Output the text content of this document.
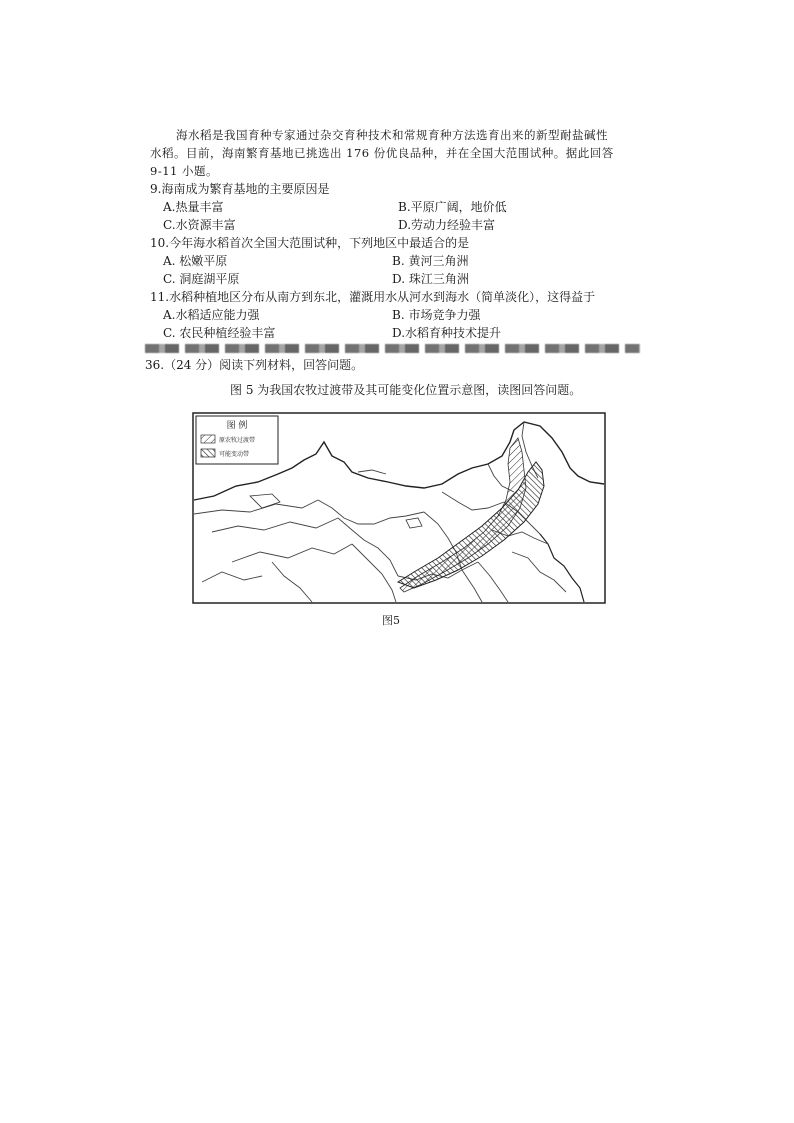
海水稻是我国育种专家通过杂交育种技术和常规育种方法选育出来的新型耐盐碱性
水稻。目前，海南繁育基地已挑选出 176 份优良品种，并在全国大范围试种。据此回答
9-11 小题。
9.海南成为繁育基地的主要原因是
A.热量丰富	B.平原广阔，地价低
C.水资源丰富	D.劳动力经验丰富
10.今年海水稻首次全国大范围试种，下列地区中最适合的是
A. 松嫩平原	B. 黄河三角洲
C. 洞庭湖平原	D. 珠江三角洲
11.水稻种植地区分布从南方到东北，灌溉用水从河水到海水（简单淡化），这得益于
A.水稻适应能力强	B. 市场竞争力强
C. 农民种植经验丰富	D.水稻育种技术提升
36.（24 分）阅读下列材料，回答问题。
图 5 为我国农牧过渡带及其可能变化位置示意图，读图回答问题。
图 例
原农牧过渡带
可能变动带
图5
